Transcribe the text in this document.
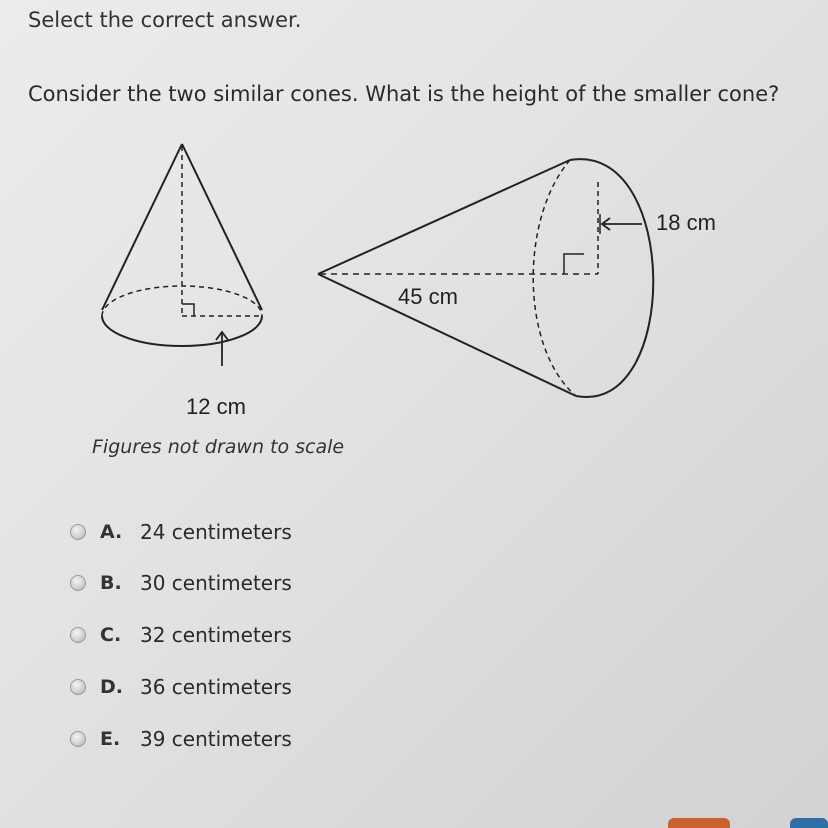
Select the correct answer.
Consider the two similar cones. What is the height of the smaller cone?
12 cm
45 cm
18 cm
Figures not drawn to scale
A. 24 centimeters
B. 30 centimeters
C. 32 centimeters
D. 36 centimeters
E. 39 centimeters
